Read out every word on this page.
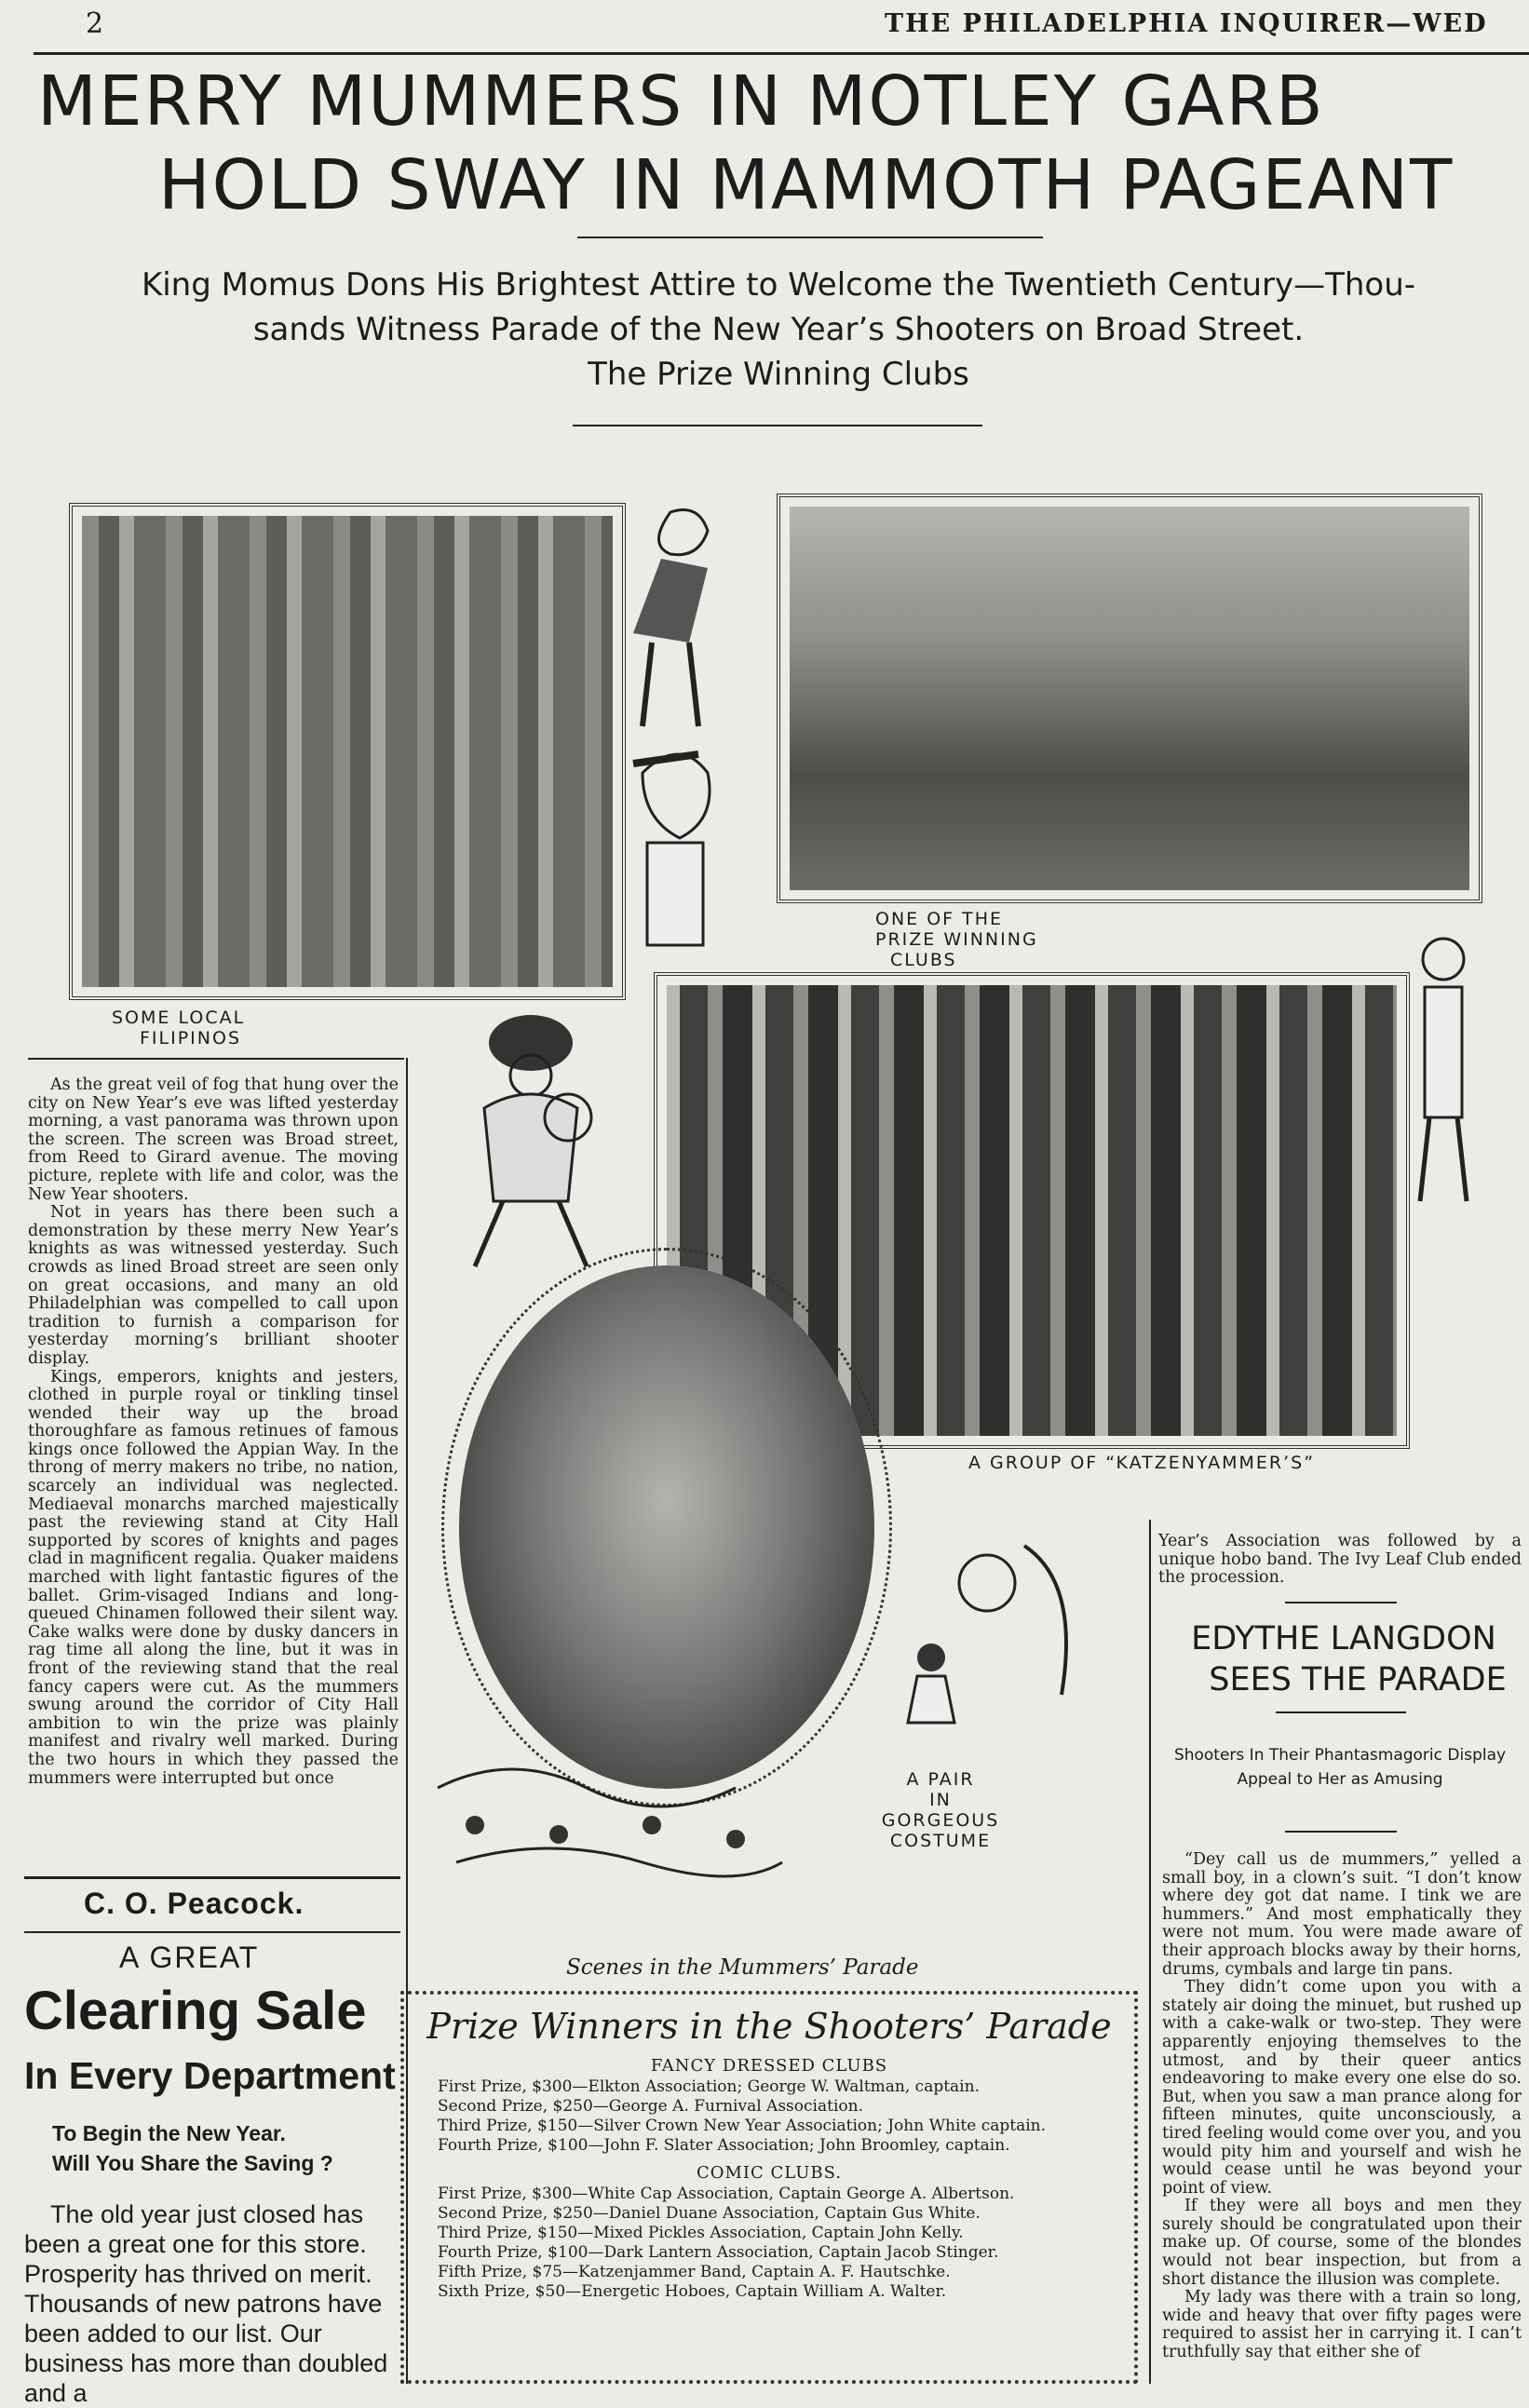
2	THE PHILADELPHIA INQUIRER—WED
MERRY MUMMERS IN MOTLEY GARB
HOLD SWAY IN MAMMOTH PAGEANT
King Momus Dons His Brightest Attire to Welcome the Twentieth Century—Thou-
sands Witness Parade of the New Year’s Shooters on Broad Street.
The Prize Winning Clubs
SOME LOCAL
FILIPINOS
ONE OF THE
PRIZE WINNING
CLUBS
A GROUP OF “KATZENYAMMER’S”
A PAIR
IN
GORGEOUS
COSTUME

As the great veil of fog that hung over the city on New Year’s eve was lifted yesterday morning, a vast panorama was thrown upon the screen. The screen was Broad street, from Reed to Girard avenue. The moving picture, replete with life and color, was the New Year shooters.

Not in years has there been such a demonstration by these merry New Year’s knights as was witnessed yesterday. Such crowds as lined Broad street are seen only on great occasions, and many an old Philadelphian was compelled to call upon tradition to furnish a comparison for yesterday morning’s brilliant shooter display.

Kings, emperors, knights and jesters, clothed in purple royal or tinkling tinsel wended their way up the broad thoroughfare as famous retinues of famous kings once followed the Appian Way. In the throng of merry makers no tribe, no nation, scarcely an individual was neglected. Mediaeval monarchs marched majestically past the reviewing stand at City Hall supported by scores of knights and pages clad in magnificent regalia. Quaker maidens marched with light fantastic figures of the ballet. Grim-visaged Indians and long-queued Chinamen followed their silent way. Cake walks were done by dusky dancers in rag time all along the line, but it was in front of the reviewing stand that the real fancy capers were cut. As the mummers swung around the corridor of City Hall ambition to win the prize was plainly manifest and rivalry well marked. During the two hours in which they passed the mummers were interrupted but once

C. O. Peacock.
A GREAT
Clearing Sale
In Every Department
To Begin the New Year.
Will You Share the Saving ?
The old year just closed has been a great one for this store. Prosperity has thrived on merit. Thousands of new patrons have been added to our list. Our business has more than doubled and a
Scenes in the Mummers’ Parade
Prize Winners in the Shooters’ Parade
FANCY DRESSED CLUBS
First Prize, $300—Elkton Association; George W. Waltman, captain.
Second Prize, $250—George A. Furnival Association.
Third Prize, $150—Silver Crown New Year Association; John White captain.
Fourth Prize, $100—John F. Slater Association; John Broomley, captain.
COMIC CLUBS.
First Prize, $300—White Cap Association, Captain George A. Albertson.
Second Prize, $250—Daniel Duane Association, Captain Gus White.
Third Prize, $150—Mixed Pickles Association, Captain John Kelly.
Fourth Prize, $100—Dark Lantern Association, Captain Jacob Stinger.
Fifth Prize, $75—Katzenjammer Band, Captain A. F. Hautschke.
Sixth Prize, $50—Energetic Hoboes, Captain William A. Walter.
Year’s Association was followed by a unique hobo band. The Ivy Leaf Club ended the procession.
EDYTHE LANGDON
SEES THE PARADE
Shooters In Their Phantasmagoric Display Appeal to Her as Amusing

“Dey call us de mummers,” yelled a small boy, in a clown’s suit. “I don’t know where dey got dat name. I tink we are hummers.” And most emphatically they were not mum. You were made aware of their approach blocks away by their horns, drums, cymbals and large tin pans.

They didn’t come upon you with a stately air doing the minuet, but rushed up with a cake-walk or two-step. They were apparently enjoying themselves to the utmost, and by their queer antics endeavoring to make every one else do so. But, when you saw a man prance along for fifteen minutes, quite unconsciously, a tired feeling would come over you, and you would pity him and yourself and wish he would cease until he was beyond your point of view.

If they were all boys and men they surely should be congratulated upon their make up. Of course, some of the blondes would not bear inspection, but from a short distance the illusion was complete.

My lady was there with a train so long, wide and heavy that over fifty pages were required to assist her in carrying it. I can’t truthfully say that either she of
